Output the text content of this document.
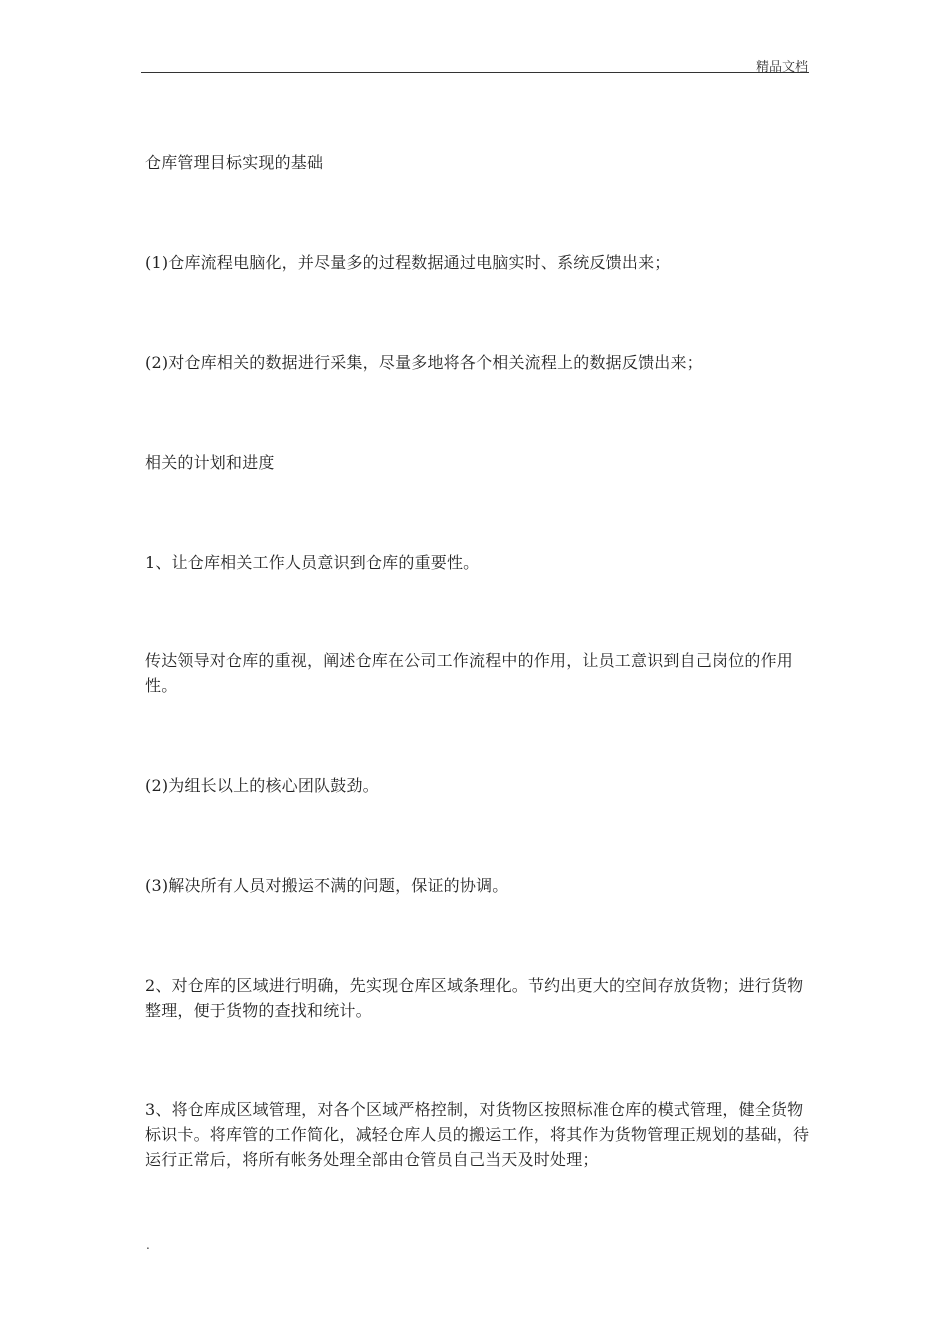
精品文档

仓库管理目标实现的基础

(1)仓库流程电脑化，并尽量多的过程数据通过电脑实时、系统反馈出来；

(2)对仓库相关的数据进行采集，尽量多地将各个相关流程上的数据反馈出来；

相关的计划和进度

1、让仓库相关工作人员意识到仓库的重要性。

传达领导对仓库的重视，阐述仓库在公司工作流程中的作用，让员工意识到自己岗位的作用性。

(2)为组长以上的核心团队鼓劲。

(3)解决所有人员对搬运不满的问题，保证的协调。

2、对仓库的区域进行明确，先实现仓库区域条理化。节约出更大的空间存放货物；进行货物整理，便于货物的查找和统计。

3、将仓库成区域管理，对各个区域严格控制，对货物区按照标准仓库的模式管理，健全货物标识卡。将库管的工作简化，减轻仓库人员的搬运工作，将其作为货物管理正规划的基础，待运行正常后，将所有帐务处理全部由仓管员自己当天及时处理；

.
